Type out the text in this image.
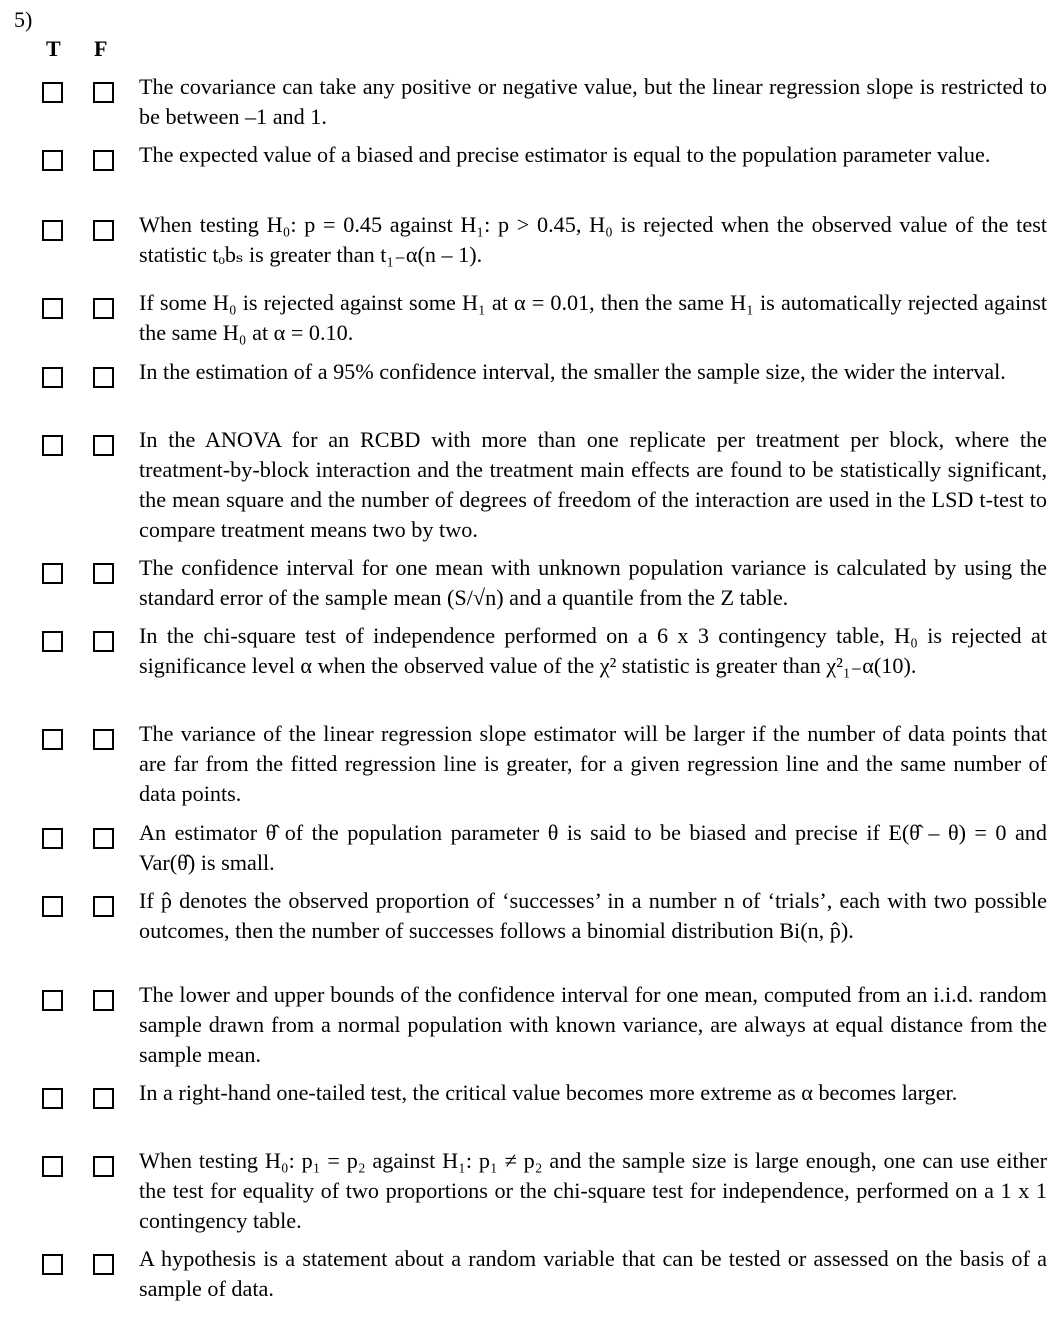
5)
T F
The covariance can take any positive or negative value, but the linear regression slope is restricted to be between –1 and 1.
The expected value of a biased and precise estimator is equal to the population parameter value.
When testing H₀: p = 0.45 against H₁: p > 0.45, H₀ is rejected when the observed value of the test statistic tₒbₛ is greater than t₁₋α(n – 1).
If some H₀ is rejected against some H₁ at α = 0.01, then the same H₁ is automatically rejected against the same H₀ at α = 0.10.
In the estimation of a 95% confidence interval, the smaller the sample size, the wider the interval.
In the ANOVA for an RCBD with more than one replicate per treatment per block, where the treatment-by-block interaction and the treatment main effects are found to be statistically significant, the mean square and the number of degrees of freedom of the interaction are used in the LSD t-test to compare treatment means two by two.
The confidence interval for one mean with unknown population variance is calculated by using the standard error of the sample mean (S/√n) and a quantile from the Z table.
In the chi-square test of independence performed on a 6 x 3 contingency table, H₀ is rejected at significance level α when the observed value of the χ² statistic is greater than χ²₁₋α(10).
The variance of the linear regression slope estimator will be larger if the number of data points that are far from the fitted regression line is greater, for a given regression line and the same number of data points.
An estimator θ̂ of the population parameter θ is said to be biased and precise if E(θ̂ – θ) = 0 and Var(θ̂) is small.
If p̂ denotes the observed proportion of ‘successes’ in a number n of ‘trials’, each with two possible outcomes, then the number of successes follows a binomial distribution Bi(n, p̂).
The lower and upper bounds of the confidence interval for one mean, computed from an i.i.d. random sample drawn from a normal population with known variance, are always at equal distance from the sample mean.
In a right-hand one-tailed test, the critical value becomes more extreme as α becomes larger.
When testing H₀: p₁ = p₂ against H₁: p₁ ≠ p₂ and the sample size is large enough, one can use either the test for equality of two proportions or the chi-square test for independence, performed on a 1 x 1 contingency table.
A hypothesis is a statement about a random variable that can be tested or assessed on the basis of a sample of data.
